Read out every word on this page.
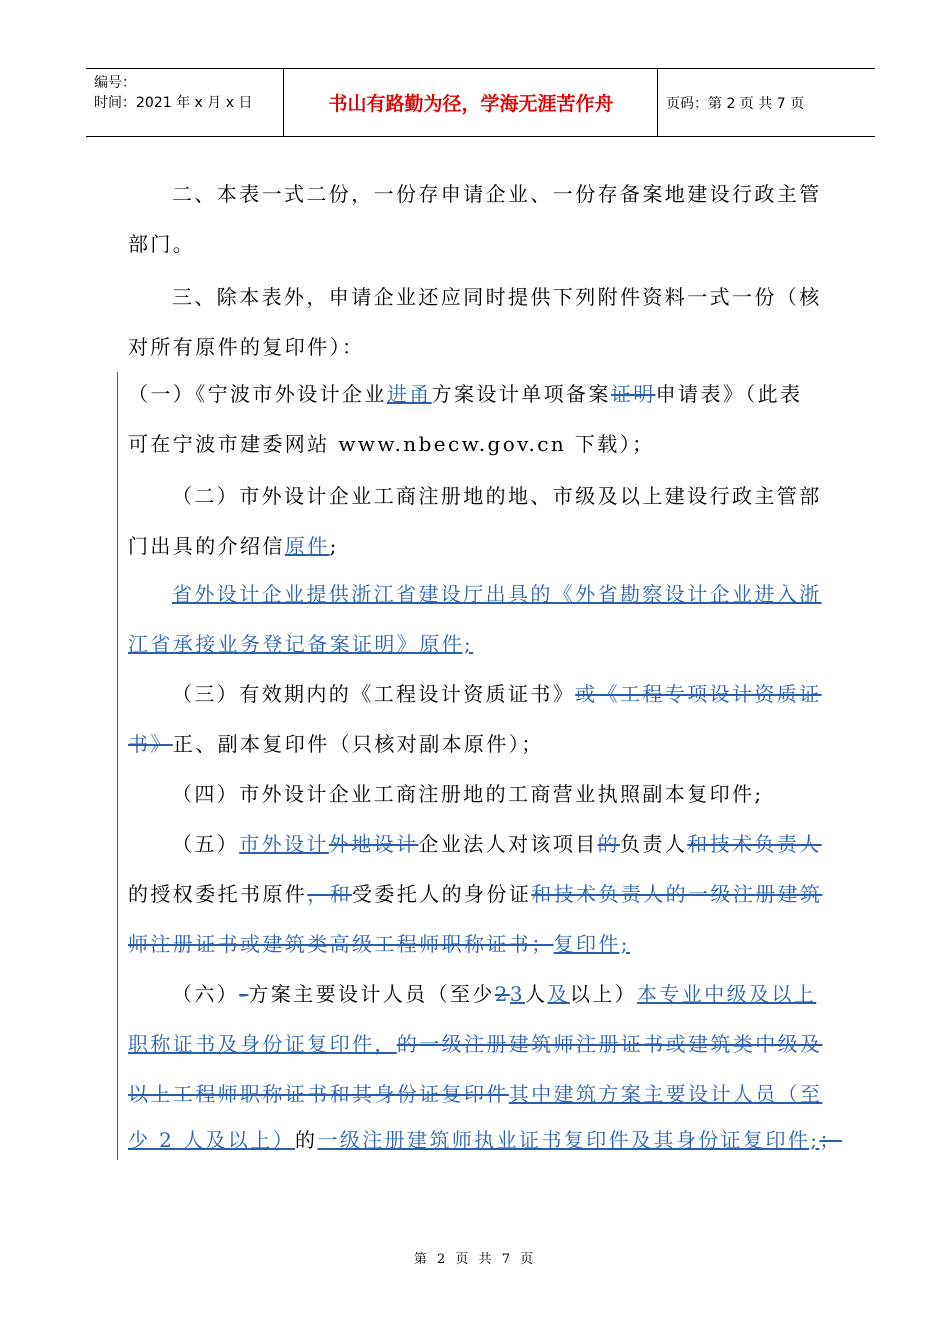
编号：
时间：2021 年 x 月 x 日	书山有路勤为径，学海无涯苦作舟	页码：第 2 页 共 7 页
二、本表一式二份，一份存申请企业、一份存备案地建设行政主管
部门。
三、除本表外，申请企业还应同时提供下列附件资料一式一份（核
对所有原件的复印件）：
（一）《宁波市外设计企业进甬方案设计单项备案证明申请表》（此表
可在宁波市建委网站 www.nbecw.gov.cn 下载）；
（二）市外设计企业工商注册地的地、市级及以上建设行政主管部
门出具的介绍信原件;
省外设计企业提供浙江省建设厅出具的《外省勘察设计企业进入浙
江省承接业务登记备案证明》原件;
（三）有效期内的《工程设计资质证书》或《工程专项设计资质证
书》正、副本复印件（只核对副本原件）；
（四）市外设计企业工商注册地的工商营业执照副本复印件;
（五）市外设计外地设计企业法人对该项目的负责人和技术负责人
的授权委托书原件，和受委托人的身份证和技术负责人的一级注册建筑
师注册证书或建筑类高级工程师职称证书；复印件;
（六）-方案主要设计人员（至少23人及以上）本专业中级及以上
职称证书及身份证复印件，的一级注册建筑师注册证书或建筑类中级及
以上工程师职称证书和其身份证复印件其中建筑方案主要设计人员（至
少 2 人及以上）的一级注册建筑师执业证书复印件及其身份证复印件;；
第 2 页 共 7 页
